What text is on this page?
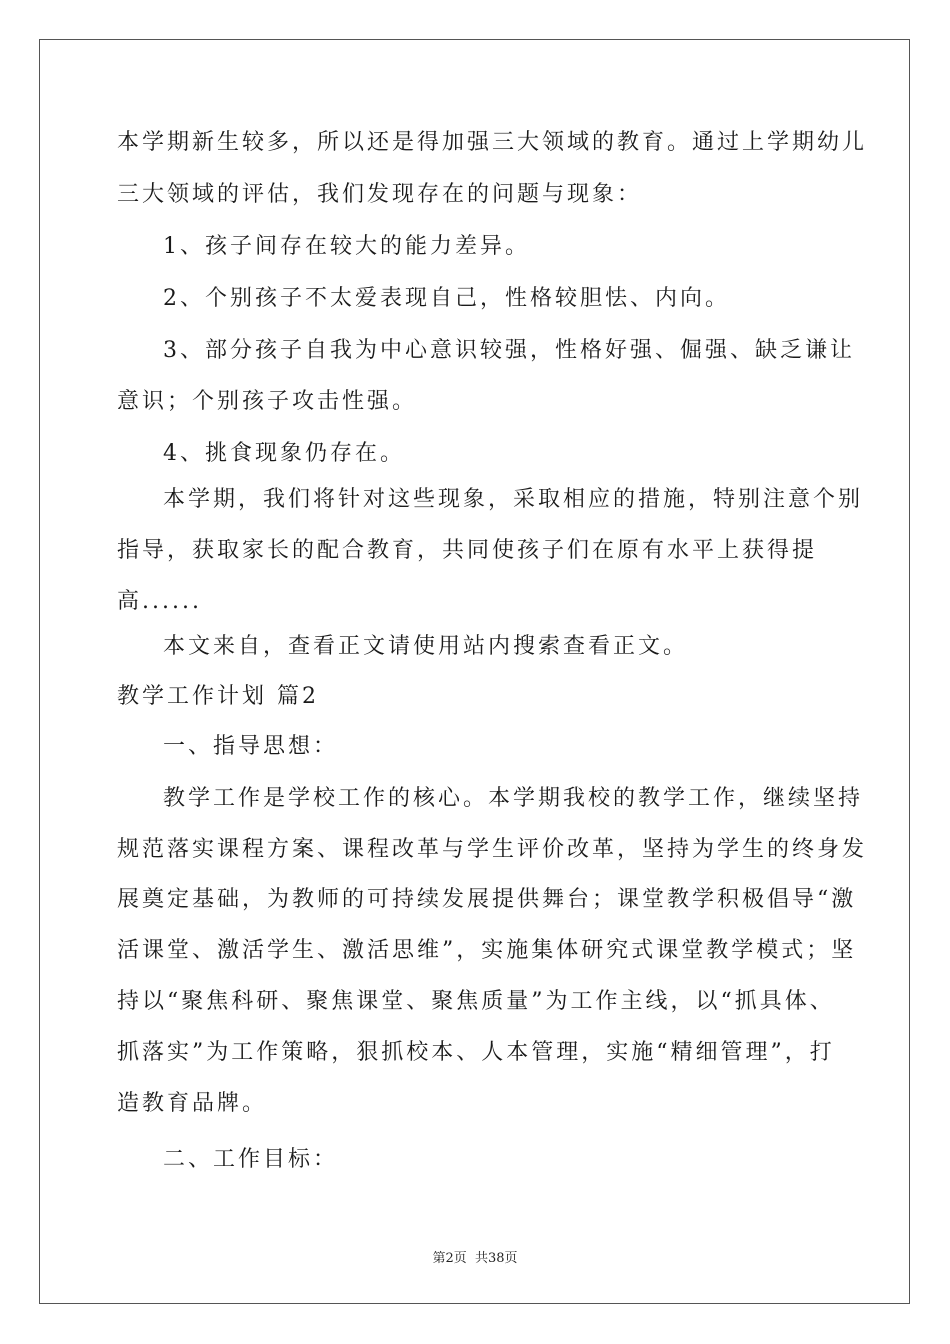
本学期新生较多，所以还是得加强三大领域的教育。通过上学期幼儿
三大领域的评估，我们发现存在的问题与现象：
1、孩子间存在较大的能力差异。
2、个别孩子不太爱表现自己，性格较胆怯、内向。
3、部分孩子自我为中心意识较强，性格好强、倔强、缺乏谦让
意识；个别孩子攻击性强。
4、挑食现象仍存在。
本学期，我们将针对这些现象，采取相应的措施，特别注意个别
指导，获取家长的配合教育，共同使孩子们在原有水平上获得提
高......
本文来自，查看正文请使用站内搜索查看正文。
教学工作计划 篇2
一、指导思想：
教学工作是学校工作的核心。本学期我校的教学工作，继续坚持
规范落实课程方案、课程改革与学生评价改革，坚持为学生的终身发
展奠定基础，为教师的可持续发展提供舞台；课堂教学积极倡导“激
活课堂、激活学生、激活思维”，实施集体研究式课堂教学模式；坚
持以“聚焦科研、聚焦课堂、聚焦质量”为工作主线，以“抓具体、
抓落实”为工作策略，狠抓校本、人本管理，实施“精细管理”，打
造教育品牌。
二、工作目标：
第2页 共38页
